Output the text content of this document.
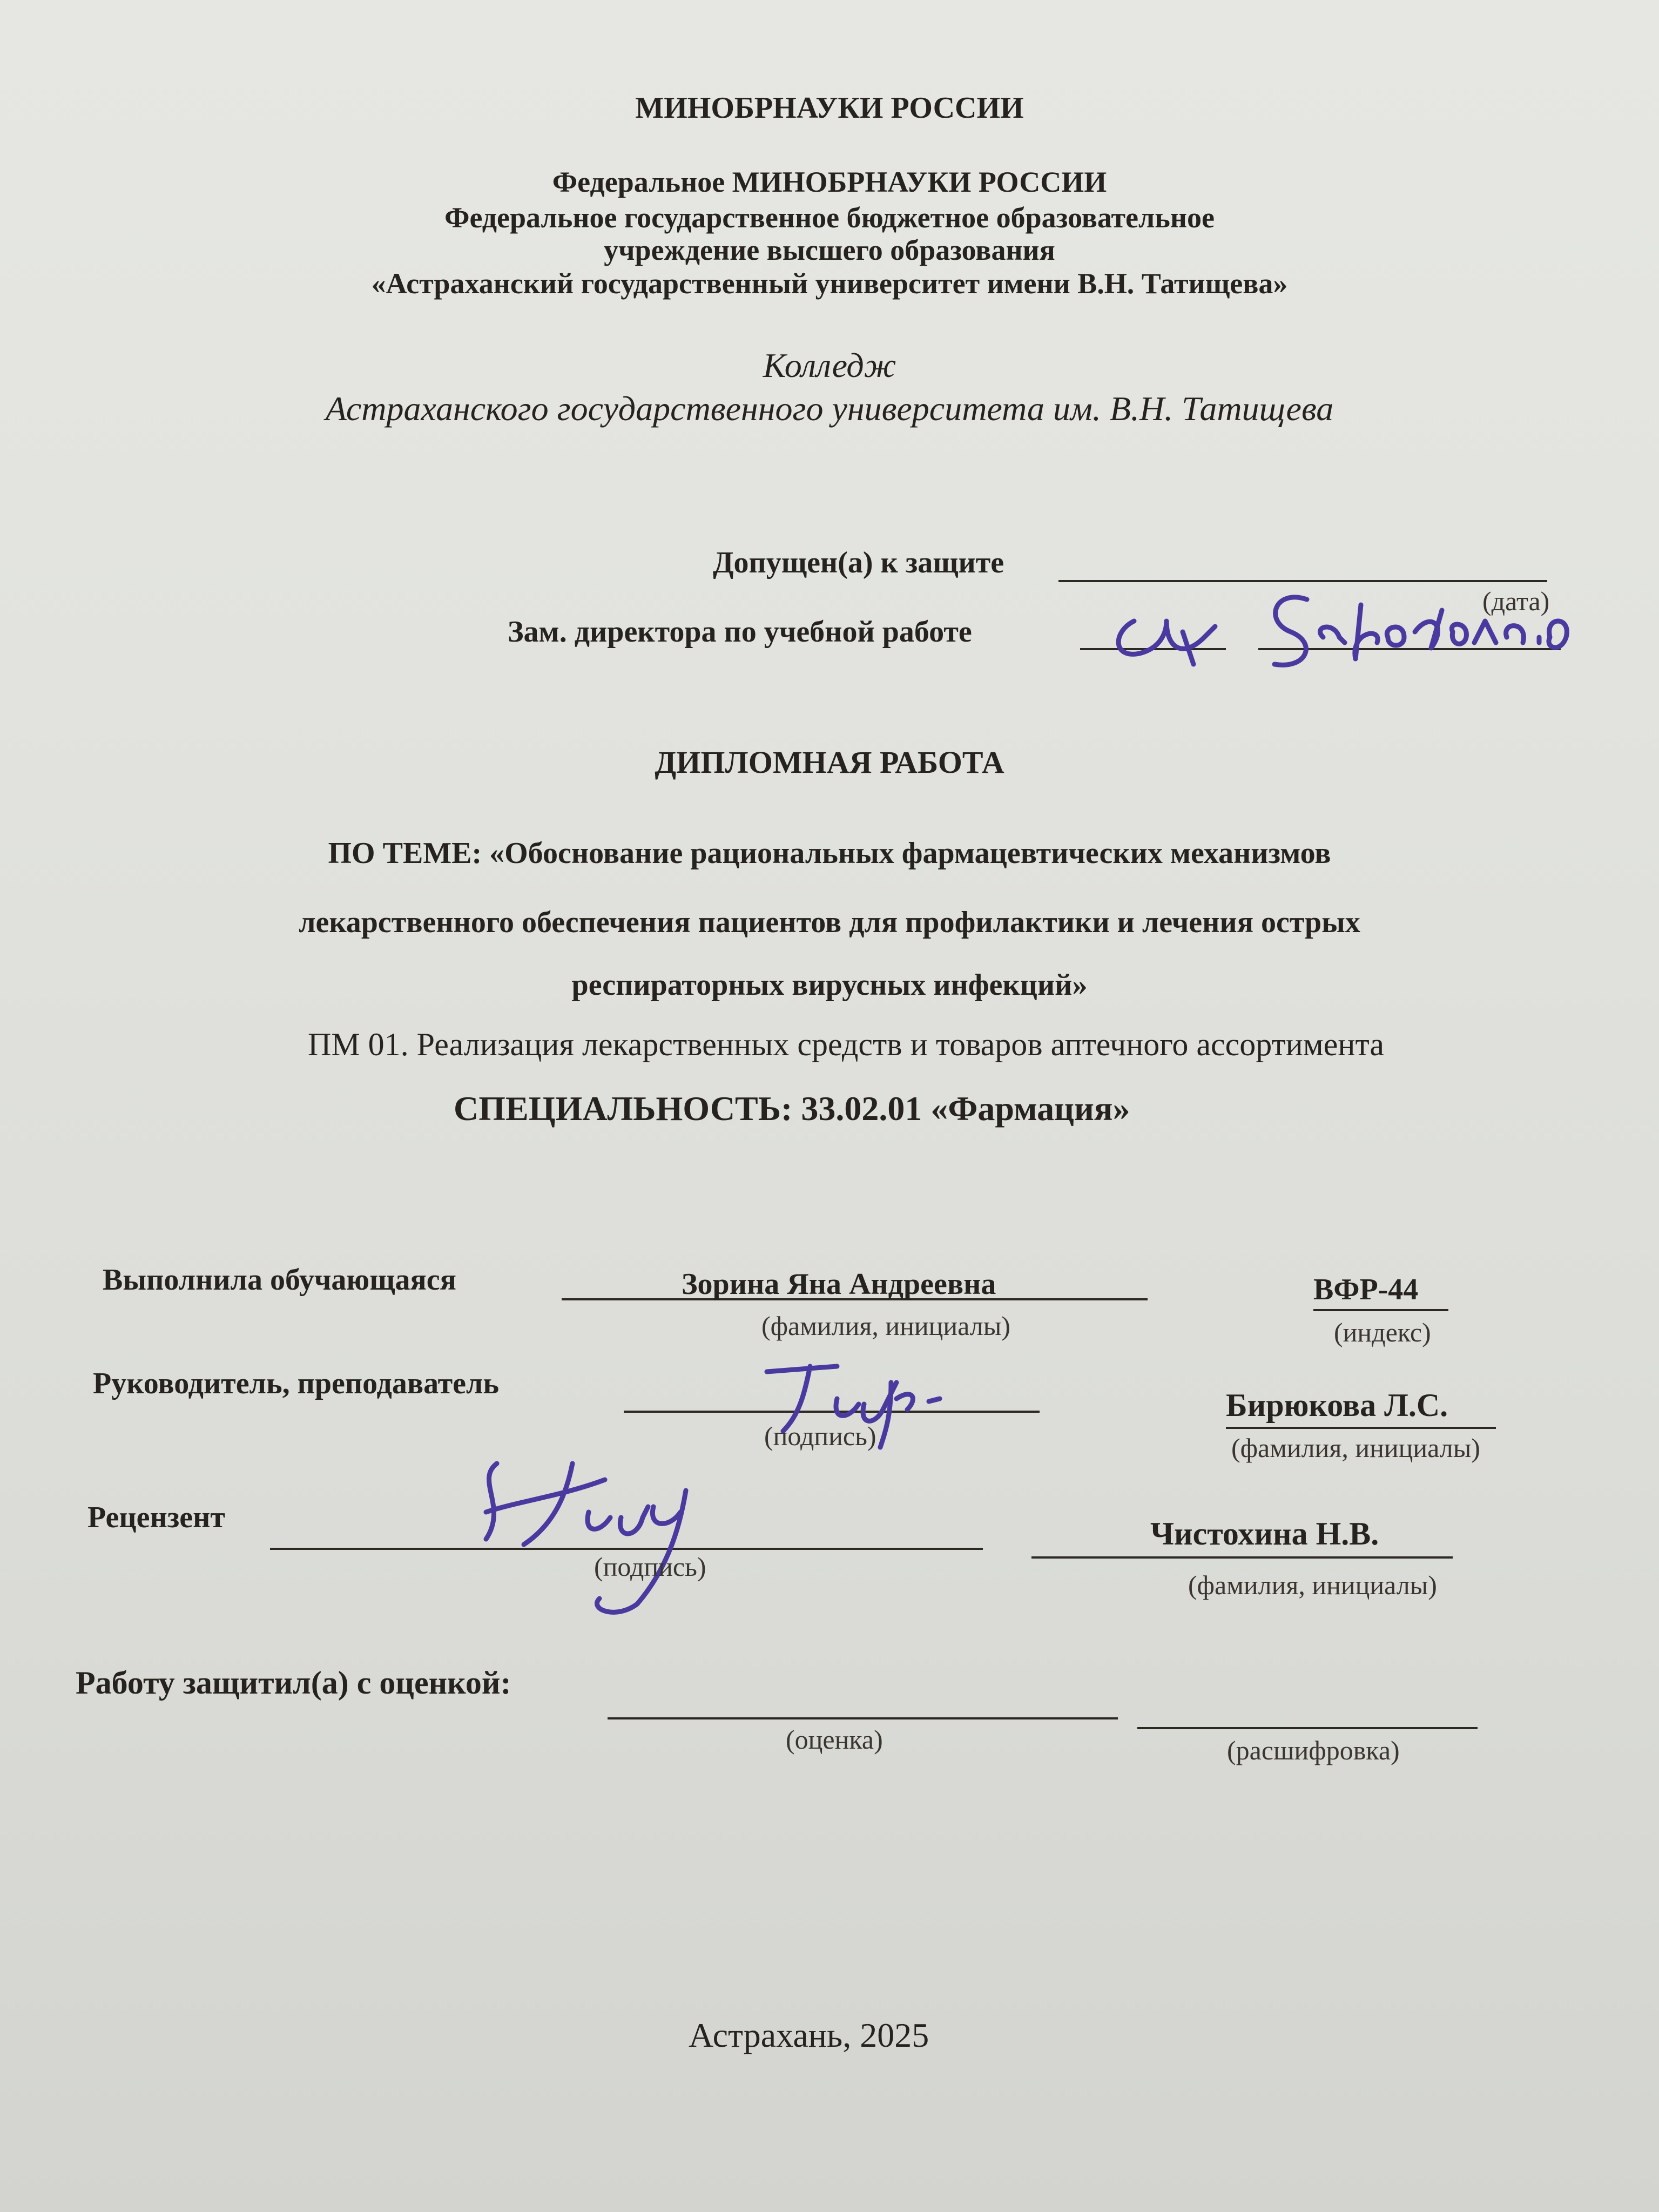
МИНОБРНАУКИ РОССИИ
Федеральное МИНОБРНАУКИ РОССИИ
Федеральное государственное бюджетное образовательное
учреждение высшего образования
«Астраханский государственный университет имени В.Н. Татищева»
Колледж
Астраханского государственного университета им. В.Н. Татищева
Допущен(а) к защите
(дата)
Зам. директора по учебной работе
ДИПЛОМНАЯ РАБОТА
ПО ТЕМЕ: «Обоснование рациональных фармацевтических механизмов
лекарственного обеспечения пациентов для профилактики и лечения острых
респираторных вирусных инфекций»
ПМ 01. Реализация лекарственных средств и товаров аптечного ассортимента
СПЕЦИАЛЬНОСТЬ: 33.02.01 «Фармация»
Выполнила обучающаяся	Зорина Яна Андреевна
(фамилия, инициалы)
ВФР-44
(индекс)
Руководитель, преподаватель
(подпись)
Бирюкова Л.С.
(фамилия, инициалы)
Рецензент
(подпись)
Чистохина Н.В.
(фамилия, инициалы)
Работу защитил(а) с оценкой:
(оценка)	(расшифровка)
Астрахань, 2025
